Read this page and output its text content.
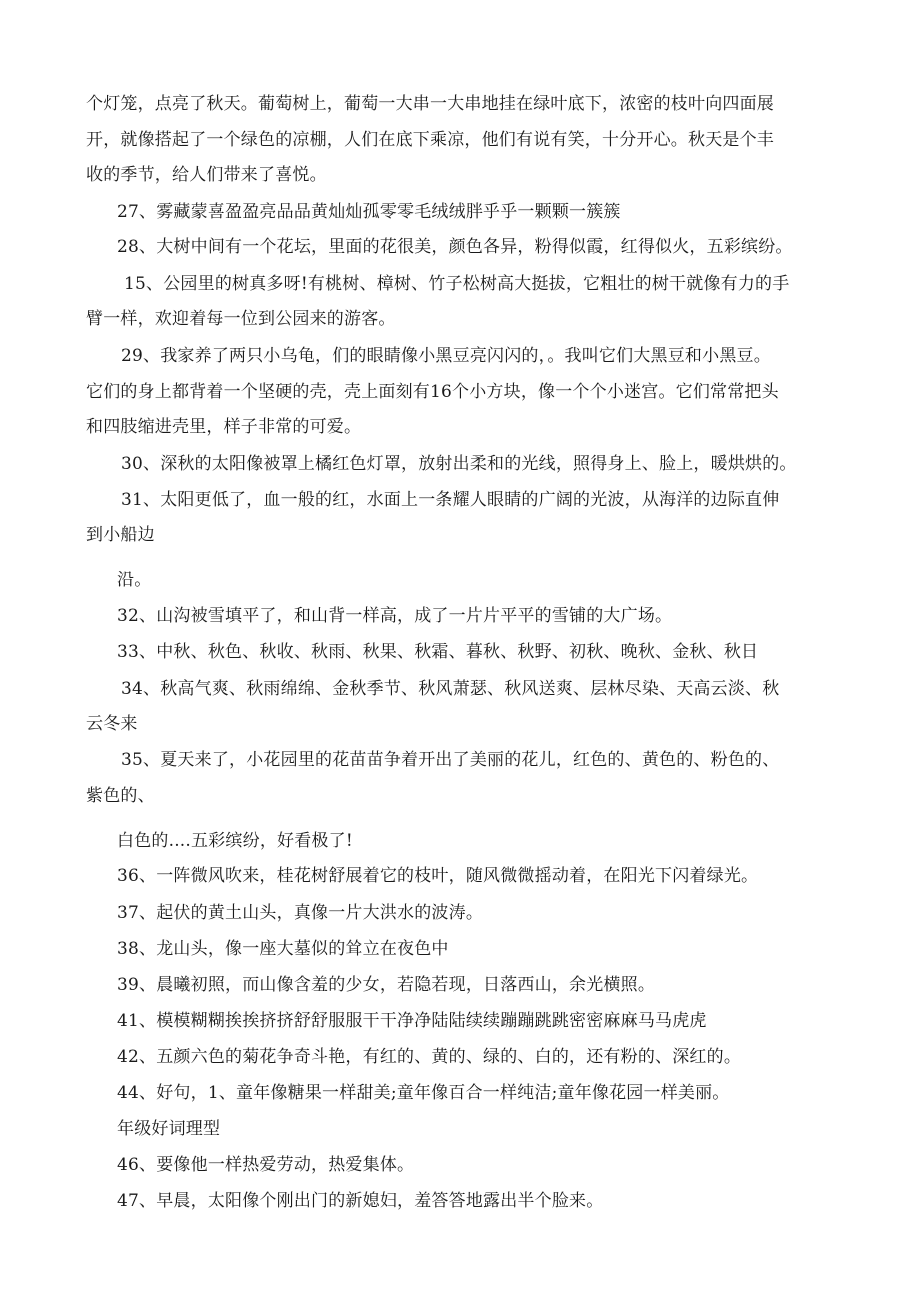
个灯笼，点亮了秋天。葡萄树上，葡萄一大串一大串地挂在绿叶底下，浓密的枝叶向四面展
开，就像搭起了一个绿色的凉棚，人们在底下乘凉，他们有说有笑，十分开心。秋天是个丰
收的季节，给人们带来了喜悦。
27、雾藏蒙喜盈盈亮品品黄灿灿孤零零毛绒绒胖乎乎一颗颗一簇簇
28、大树中间有一个花坛，里面的花很美，颜色各异，粉得似霞，红得似火，五彩缤纷。
15、公园里的树真多呀!有桃树、樟树、竹子松树高大挺拔，它粗壮的树干就像有力的手
臂一样，欢迎着每一位到公园来的游客。
29、我家养了两只小乌龟，们的眼睛像小黑豆亮闪闪的，。我叫它们大黑豆和小黑豆。
它们的身上都背着一个坚硬的壳，壳上面刻有16个小方块，像一个个小迷宫。它们常常把头
和四肢缩进壳里，样子非常的可爱。
30、深秋的太阳像被罩上橘红色灯罩，放射出柔和的光线，照得身上、脸上，暖烘烘的。
31、太阳更低了，血一般的红，水面上一条耀人眼睛的广阔的光波，从海洋的边际直伸
到小船边
沿。
32、山沟被雪填平了，和山背一样高，成了一片片平平的雪铺的大广场。
33、中秋、秋色、秋收、秋雨、秋果、秋霜、暮秋、秋野、初秋、晚秋、金秋、秋日
34、秋高气爽、秋雨绵绵、金秋季节、秋风萧瑟、秋风送爽、层林尽染、天高云淡、秋
云冬来
35、夏天来了，小花园里的花苗苗争着开出了美丽的花儿，红色的、黄色的、粉色的、
紫色的、
白色的....五彩缤纷，好看极了!
36、一阵微风吹来，桂花树舒展着它的枝叶，随风微微摇动着，在阳光下闪着绿光。
37、起伏的黄土山头，真像一片大洪水的波涛。
38、龙山头，像一座大墓似的耸立在夜色中
39、晨曦初照，而山像含羞的少女，若隐若现，日落西山，余光横照。
41、模模糊糊挨挨挤挤舒舒服服干干净净陆陆续续蹦蹦跳跳密密麻麻马马虎虎
42、五颜六色的菊花争奇斗艳，有红的、黄的、绿的、白的，还有粉的、深红的。
44、好句，1、童年像糖果一样甜美;童年像百合一样纯洁;童年像花园一样美丽。
年级好词理型
46、要像他一样热爱劳动，热爱集体。
47、早晨，太阳像个刚出门的新媳妇，羞答答地露出半个脸来。
